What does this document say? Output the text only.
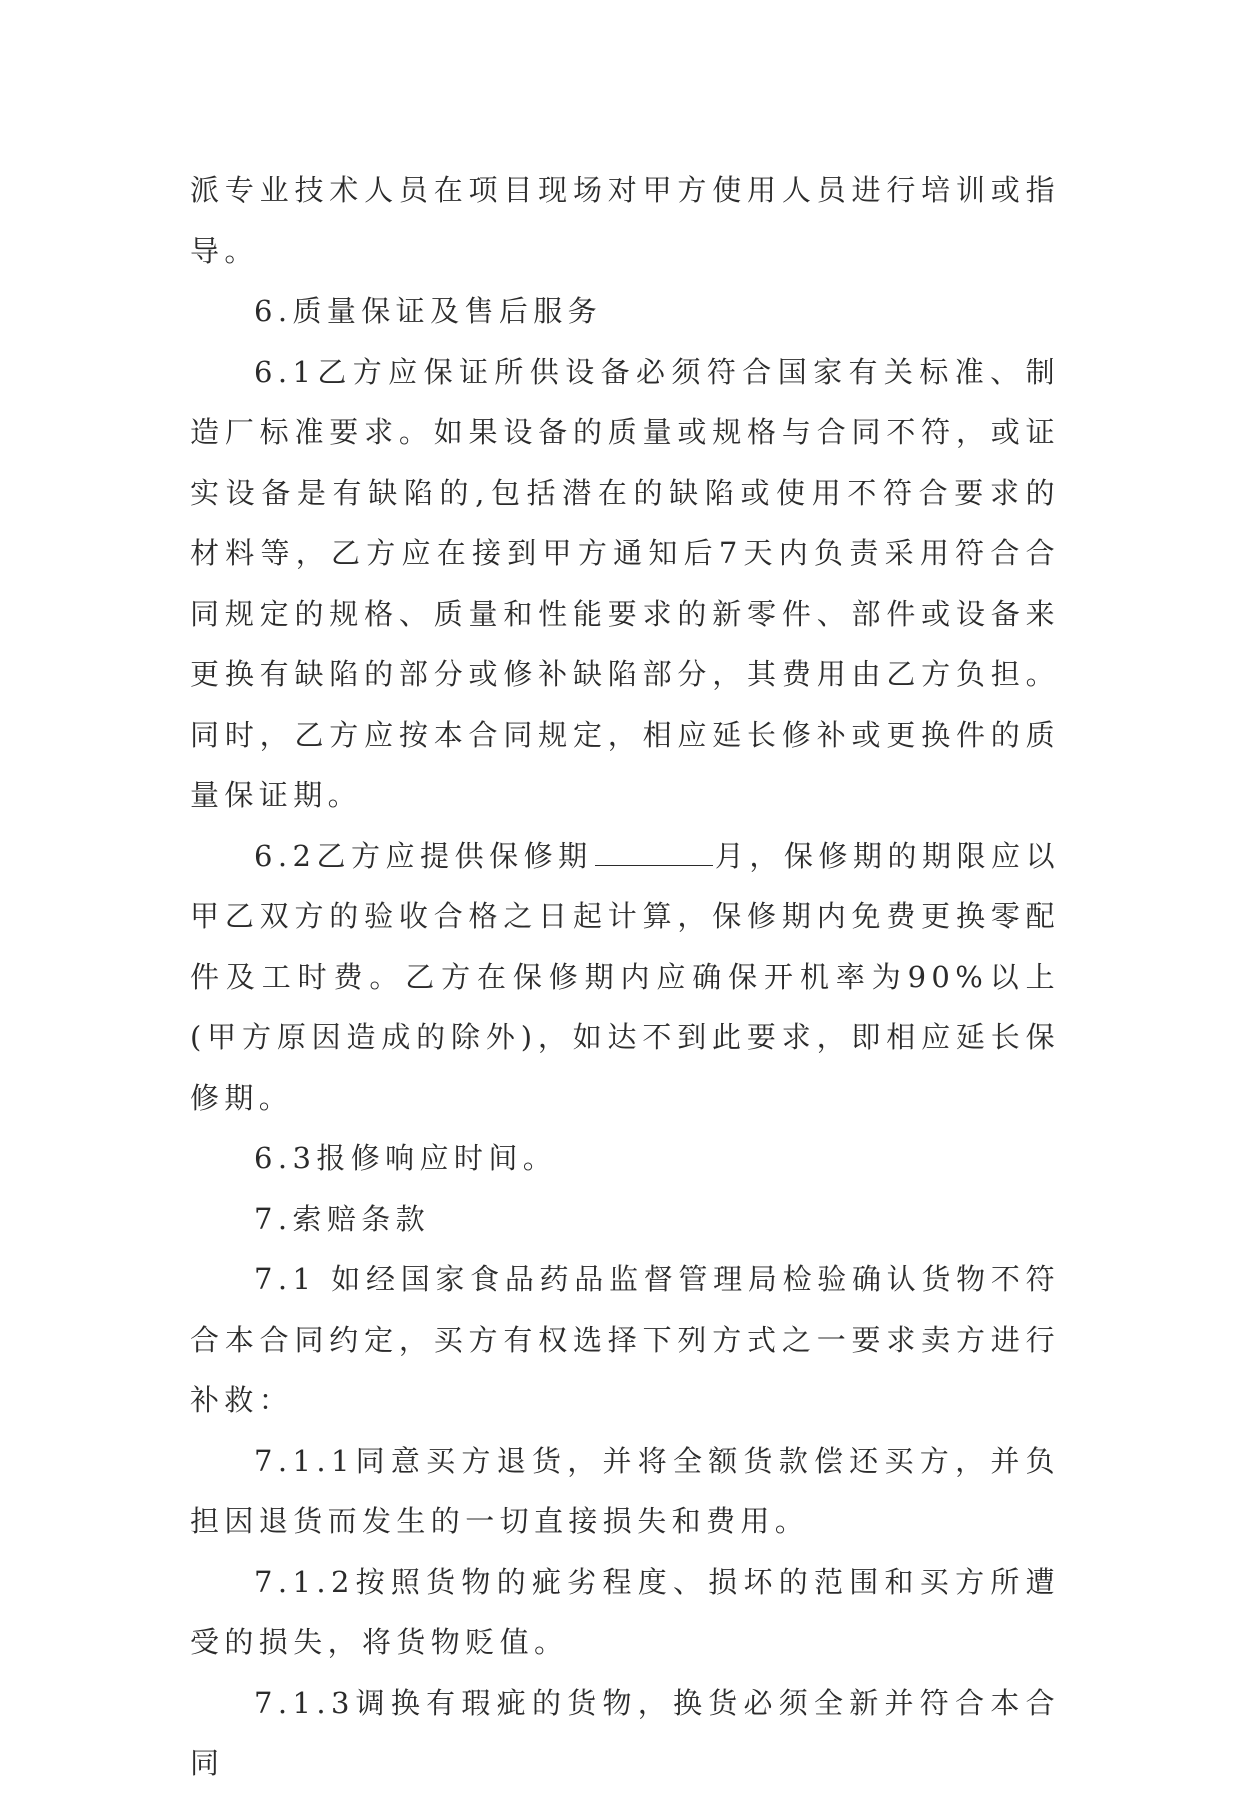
派专业技术人员在项目现场对甲方使用人员进行培训或指导。

6.质量保证及售后服务

6.1乙方应保证所供设备必须符合国家有关标准、制造厂标准要求。如果设备的质量或规格与合同不符，或证实设备是有缺陷的,包括潜在的缺陷或使用不符合要求的材料等，乙方应在接到甲方通知后7天内负责采用符合合同规定的规格、质量和性能要求的新零件、部件或设备来更换有缺陷的部分或修补缺陷部分，其费用由乙方负担。同时，乙方应按本合同规定，相应延长修补或更换件的质量保证期。

6.2乙方应提供保修期	月，保修期的期限应以甲乙双方的验收合格之日起计算，保修期内免费更换零配件及工时费。乙方在保修期内应确保开机率为90%以上(甲方原因造成的除外)，如达不到此要求，即相应延长保修期。

6.3报修响应时间。

7.索赔条款

7.1 如经国家食品药品监督管理局检验确认货物不符合本合同约定，买方有权选择下列方式之一要求卖方进行补救：

7.1.1同意买方退货，并将全额货款偿还买方，并负担因退货而发生的一切直接损失和费用。

7.1.2按照货物的疵劣程度、损坏的范围和买方所遭受的损失，将货物贬值。

7.1.3调换有瑕疵的货物，换货必须全新并符合本合同
